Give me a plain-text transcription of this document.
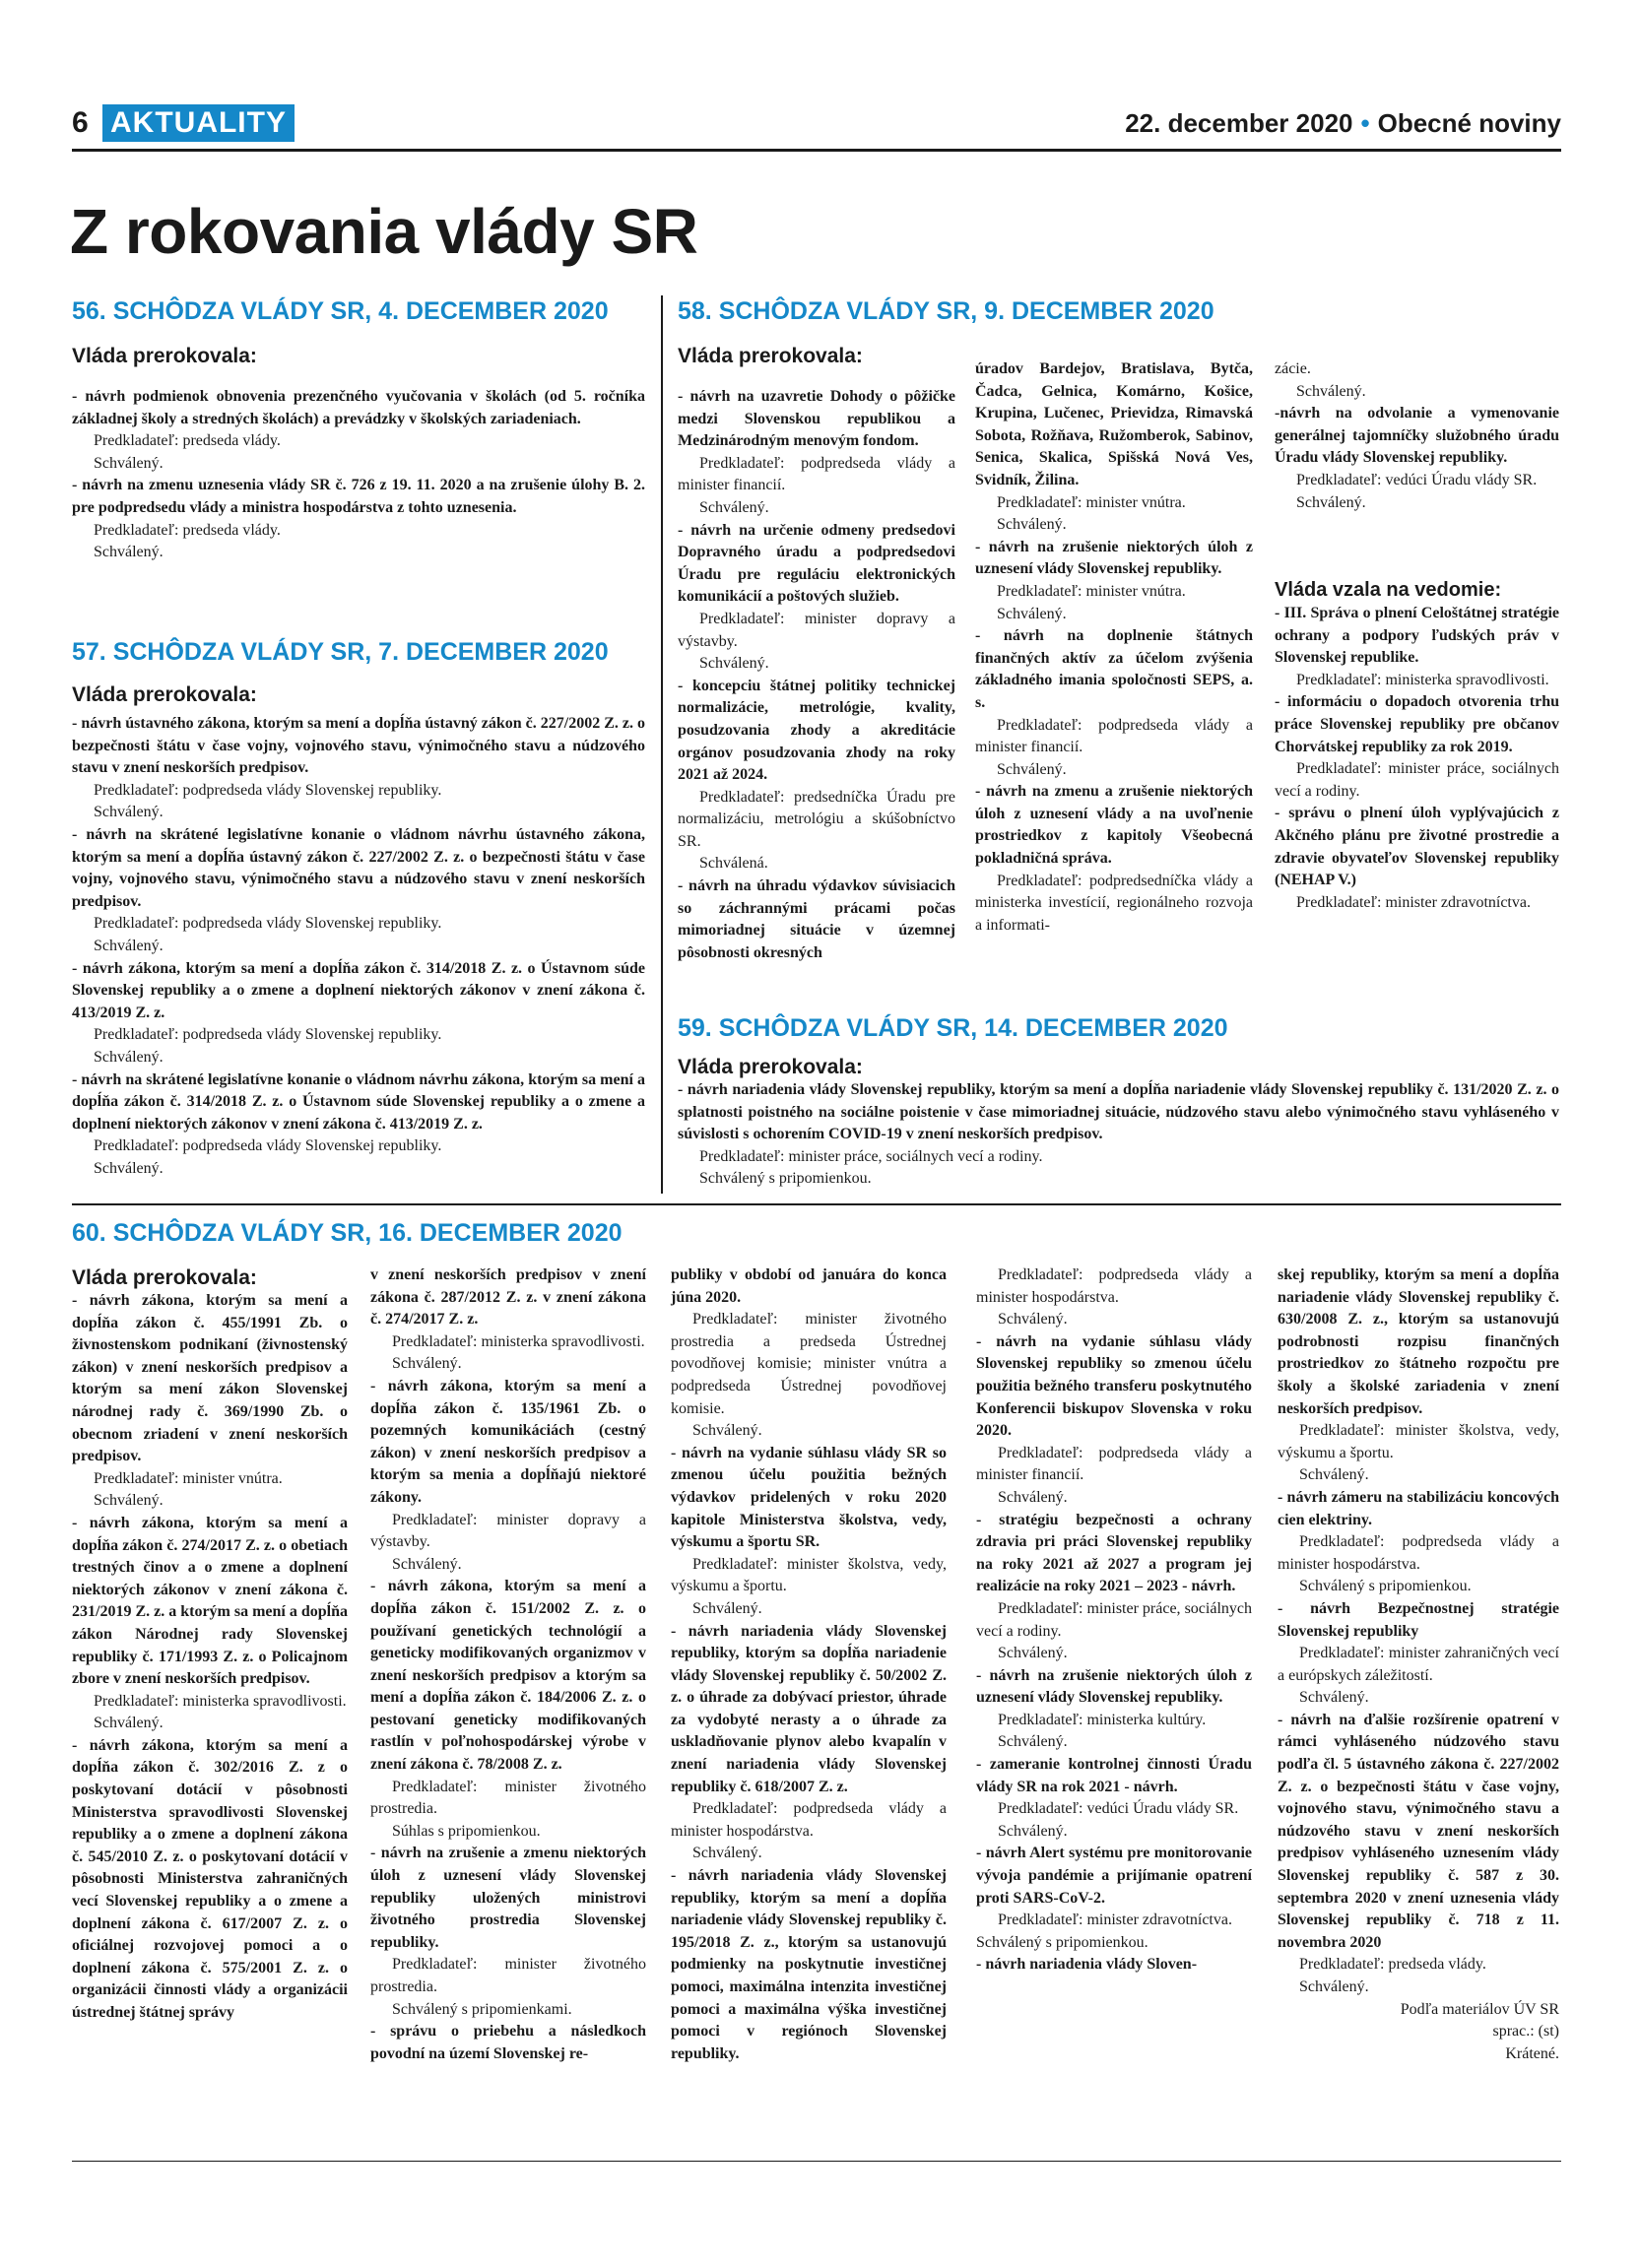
6 AKTUALITY	22. december 2020 • Obecné noviny
Z rokovania vlády SR
56. SCHÔDZA VLÁDY SR, 4. DECEMBER 2020
Vláda prerokovala:

- návrh podmienok obnovenia prezenčného vyučovania v školách (od 5. ročníka základnej školy a stredných školách) a prevádzky v školských zariadeniach.

Predkladateľ: predseda vlády.

Schválený.

- návrh na zmenu uznesenia vlády SR č. 726 z 19. 11. 2020 a na zrušenie úlohy B. 2. pre podpredsedu vlády a ministra hospodárstva z tohto uznesenia.

Predkladateľ: predseda vlády.

Schválený.

57. SCHÔDZA VLÁDY SR, 7. DECEMBER 2020
Vláda prerokovala:

- návrh ústavného zákona, ktorým sa mení a dopĺňa ústavný zákon č. 227/2002 Z. z. o bezpečnosti štátu v čase vojny, vojnového stavu, výnimočného stavu a núdzového stavu v znení neskorších predpisov.

Predkladateľ: podpredseda vlády Slovenskej republiky.

Schválený.

- návrh na skrátené legislatívne konanie o vládnom návrhu ústavného zákona, ktorým sa mení a dopĺňa ústavný zákon č. 227/2002 Z. z. o bezpečnosti štátu v čase vojny, vojnového stavu, výnimočného stavu a núdzového stavu v znení neskorších predpisov.

Predkladateľ: podpredseda vlády Slovenskej republiky.

Schválený.

- návrh zákona, ktorým sa mení a dopĺňa zákon č. 314/2018 Z. z. o Ústavnom súde Slovenskej republiky a o zmene a doplnení niektorých zákonov v znení zákona č. 413/2019 Z. z.

Predkladateľ: podpredseda vlády Slovenskej republiky.

Schválený.

- návrh na skrátené legislatívne konanie o vládnom návrhu zákona, ktorým sa mení a dopĺňa zákon č. 314/2018 Z. z. o Ústavnom súde Slovenskej republiky a o zmene a doplnení niektorých zákonov v znení zákona č. 413/2019 Z. z.

Predkladateľ: podpredseda vlády Slovenskej republiky.

Schválený.

58. SCHÔDZA VLÁDY SR, 9. DECEMBER 2020
Vláda prerokovala:

- návrh na uzavretie Dohody o pôžičke medzi Slovenskou republikou a Medzinárodným menovým fondom.

Predkladateľ: podpredseda vlády a minister financií.

Schválený.

- návrh na určenie odmeny predsedovi Dopravného úradu a podpredsedovi Úradu pre reguláciu elektronických komunikácií a poštových služieb.

Predkladateľ: minister dopravy a výstavby.

Schválený.

- koncepciu štátnej politiky technickej normalizácie, metrológie, kvality, posudzovania zhody a akreditácie orgánov posudzovania zhody na roky 2021 až 2024.

Predkladateľ: predsedníčka Úradu pre normalizáciu, metrológiu a skúšobníctvo SR.

Schválená.

- návrh na úhradu výdavkov súvisiacich so záchrannými prácami počas mimoriadnej situácie v územnej pôsobnosti okresných

úradov Bardejov, Bratislava, Bytča, Čadca, Gelnica, Komárno, Košice, Krupina, Lučenec, Prievidza, Rimavská Sobota, Rožňava, Ružomberok, Sabinov, Senica, Skalica, Spišská Nová Ves, Svidník, Žilina.

Predkladateľ: minister vnútra.

Schválený.

- návrh na zrušenie niektorých úloh z uznesení vlády Slovenskej republiky.

Predkladateľ: minister vnútra.

Schválený.

- návrh na doplnenie štátnych finančných aktív za účelom zvýšenia základného imania spoločnosti SEPS, a. s.

Predkladateľ: podpredseda vlády a minister financií.

Schválený.

- návrh na zmenu a zrušenie niektorých úloh z uznesení vlády a na uvoľnenie prostriedkov z kapitoly Všeobecná pokladničná správa.

Predkladateľ: podpredsedníčka vlády a ministerka investícií, regionálneho rozvoja a informati-

zácie.

Schválený.

-návrh na odvolanie a vymenovanie generálnej tajomníčky služobného úradu Úradu vlády Slovenskej republiky.

Predkladateľ: vedúci Úradu vlády SR.

Schválený.

Vláda vzala na vedomie:

- III. Správa o plnení Celoštátnej stratégie ochrany a podpory ľudských práv v Slovenskej republike.

Predkladateľ: ministerka spravodlivosti.

- informáciu o dopadoch otvorenia trhu práce Slovenskej republiky pre občanov Chorvátskej republiky za rok 2019.

Predkladateľ: minister práce, sociálnych vecí a rodiny.

- správu o plnení úloh vyplývajúcich z Akčného plánu pre životné prostredie a zdravie obyvateľov Slovenskej republiky (NEHAP V.)

Predkladateľ: minister zdravotníctva.

59. SCHÔDZA VLÁDY SR, 14. DECEMBER 2020
Vláda prerokovala:

- návrh nariadenia vlády Slovenskej republiky, ktorým sa mení a dopĺňa nariadenie vlády Slovenskej republiky č. 131/2020 Z. z. o splatnosti poistného na sociálne poistenie v čase mimoriadnej situácie, núdzového stavu alebo výnimočného stavu vyhláseného v súvislosti s ochorením COVID-19 v znení neskorších predpisov.

Predkladateľ: minister práce, sociálnych vecí a rodiny.

Schválený s pripomienkou.

60. SCHÔDZA VLÁDY SR, 16. DECEMBER 2020
Vláda prerokovala:

- návrh zákona, ktorým sa mení a dopĺňa zákon č. 455/1991 Zb. o živnostenskom podnikaní (živnostenský zákon) v znení neskorších predpisov a ktorým sa mení zákon Slovenskej národnej rady č. 369/1990 Zb. o obecnom zriadení v znení neskorších predpisov.

Predkladateľ: minister vnútra.

Schválený.

- návrh zákona, ktorým sa mení a dopĺňa zákon č. 274/2017 Z. z. o obetiach trestných činov a o zmene a doplnení niektorých zákonov v znení zákona č. 231/2019 Z. z. a ktorým sa mení a dopĺňa zákon Národnej rady Slovenskej republiky č. 171/1993 Z. z. o Policajnom zbore v znení neskorších predpisov.

Predkladateľ: ministerka spravodlivosti.

Schválený.

- návrh zákona, ktorým sa mení a dopĺňa zákon č. 302/2016 Z. z o poskytovaní dotácií v pôsobnosti Ministerstva spravodlivosti Slovenskej republiky a o zmene a doplnení zákona č. 545/2010 Z. z. o poskytovaní dotácií v pôsobnosti Ministerstva zahraničných vecí Slovenskej republiky a o zmene a doplnení zákona č. 617/2007 Z. z. o oficiálnej rozvojovej pomoci a o doplnení zákona č. 575/2001 Z. z. o organizácii činnosti vlády a organizácii ústrednej štátnej správy

v znení neskorších predpisov v znení zákona č. 287/2012 Z. z. v znení zákona č. 274/2017 Z. z.

Predkladateľ: ministerka spravodlivosti.

Schválený.

- návrh zákona, ktorým sa mení a dopĺňa zákon č. 135/1961 Zb. o pozemných komunikáciách (cestný zákon) v znení neskorších predpisov a ktorým sa menia a dopĺňajú niektoré zákony.

Predkladateľ: minister dopravy a výstavby.

Schválený.

- návrh zákona, ktorým sa mení a dopĺňa zákon č. 151/2002 Z. z. o používaní genetických technológií a geneticky modifikovaných organizmov v znení neskorších predpisov a ktorým sa mení a dopĺňa zákon č. 184/2006 Z. z. o pestovaní geneticky modifikovaných rastlín v poľnohospodárskej výrobe v znení zákona č. 78/2008 Z. z.

Predkladateľ: minister životného prostredia.

Súhlas s pripomienkou.

- návrh na zrušenie a zmenu niektorých úloh z uznesení vlády Slovenskej republiky uložených ministrovi životného prostredia Slovenskej republiky.

Predkladateľ: minister životného prostredia.

Schválený s pripomienkami.

- správu o priebehu a následkoch povodní na území Slovenskej re-

publiky v období od januára do konca júna 2020.

Predkladateľ: minister životného prostredia a predseda Ústrednej povodňovej komisie; minister vnútra a podpredseda Ústrednej povodňovej komisie.

Schválený.

- návrh na vydanie súhlasu vlády SR so zmenou účelu použitia bežných výdavkov pridelených v roku 2020 kapitole Ministerstva školstva, vedy, výskumu a športu SR.

Predkladateľ: minister školstva, vedy, výskumu a športu.

Schválený.

- návrh nariadenia vlády Slovenskej republiky, ktorým sa dopĺňa nariadenie vlády Slovenskej republiky č. 50/2002 Z. z. o úhrade za dobývací priestor, úhrade za vydobyté nerasty a o úhrade za uskladňovanie plynov alebo kvapalín v znení nariadenia vlády Slovenskej republiky č. 618/2007 Z. z.

Predkladateľ: podpredseda vlády a minister hospodárstva.

Schválený.

- návrh nariadenia vlády Slovenskej republiky, ktorým sa mení a dopĺňa nariadenie vlády Slovenskej republiky č. 195/2018 Z. z., ktorým sa ustanovujú podmienky na poskytnutie investičnej pomoci, maximálna intenzita investičnej pomoci a maximálna výška investičnej pomoci v regiónoch Slovenskej republiky.

Predkladateľ: podpredseda vlády a minister hospodárstva.

Schválený.

- návrh na vydanie súhlasu vlády Slovenskej republiky so zmenou účelu použitia bežného transferu poskytnutého Konferencii biskupov Slovenska v roku 2020.

Predkladateľ: podpredseda vlády a minister financií.

Schválený.

- stratégiu bezpečnosti a ochrany zdravia pri práci Slovenskej republiky na roky 2021 až 2027 a program jej realizácie na roky 2021 – 2023 - návrh.

Predkladateľ: minister práce, sociálnych vecí a rodiny.

Schválený.

- návrh na zrušenie niektorých úloh z uznesení vlády Slovenskej republiky.

Predkladateľ: ministerka kultúry.

Schválený.

- zameranie kontrolnej činnosti Úradu vlády SR na rok 2021 - návrh.

Predkladateľ: vedúci Úradu vlády SR.

Schválený.

- návrh Alert systému pre monitorovanie vývoja pandémie a prijímanie opatrení proti SARS-CoV-2.

Predkladateľ: minister zdravotníctva.

Schválený s pripomienkou.

- návrh nariadenia vlády Sloven-

skej republiky, ktorým sa mení a dopĺňa nariadenie vlády Slovenskej republiky č. 630/2008 Z. z., ktorým sa ustanovujú podrobnosti rozpisu finančných prostriedkov zo štátneho rozpočtu pre školy a školské zariadenia v znení neskorších predpisov.

Predkladateľ: minister školstva, vedy, výskumu a športu.

Schválený.

- návrh zámeru na stabilizáciu koncových cien elektriny.

Predkladateľ: podpredseda vlády a minister hospodárstva.

Schválený s pripomienkou.

- návrh Bezpečnostnej stratégie Slovenskej republiky

Predkladateľ: minister zahraničných vecí a európskych záležitostí.

Schválený.

- návrh na ďalšie rozšírenie opatrení v rámci vyhláseného núdzového stavu podľa čl. 5 ústavného zákona č. 227/2002 Z. z. o bezpečnosti štátu v čase vojny, vojnového stavu, výnimočného stavu a núdzového stavu v znení neskorších predpisov vyhláseného uznesením vlády Slovenskej republiky č. 587 z 30. septembra 2020 v znení uznesenia vlády Slovenskej republiky č. 718 z 11. novembra 2020

Predkladateľ: predseda vlády.

Schválený.

Podľa materiálov ÚV SR

sprac.: (st)

Krátené.
